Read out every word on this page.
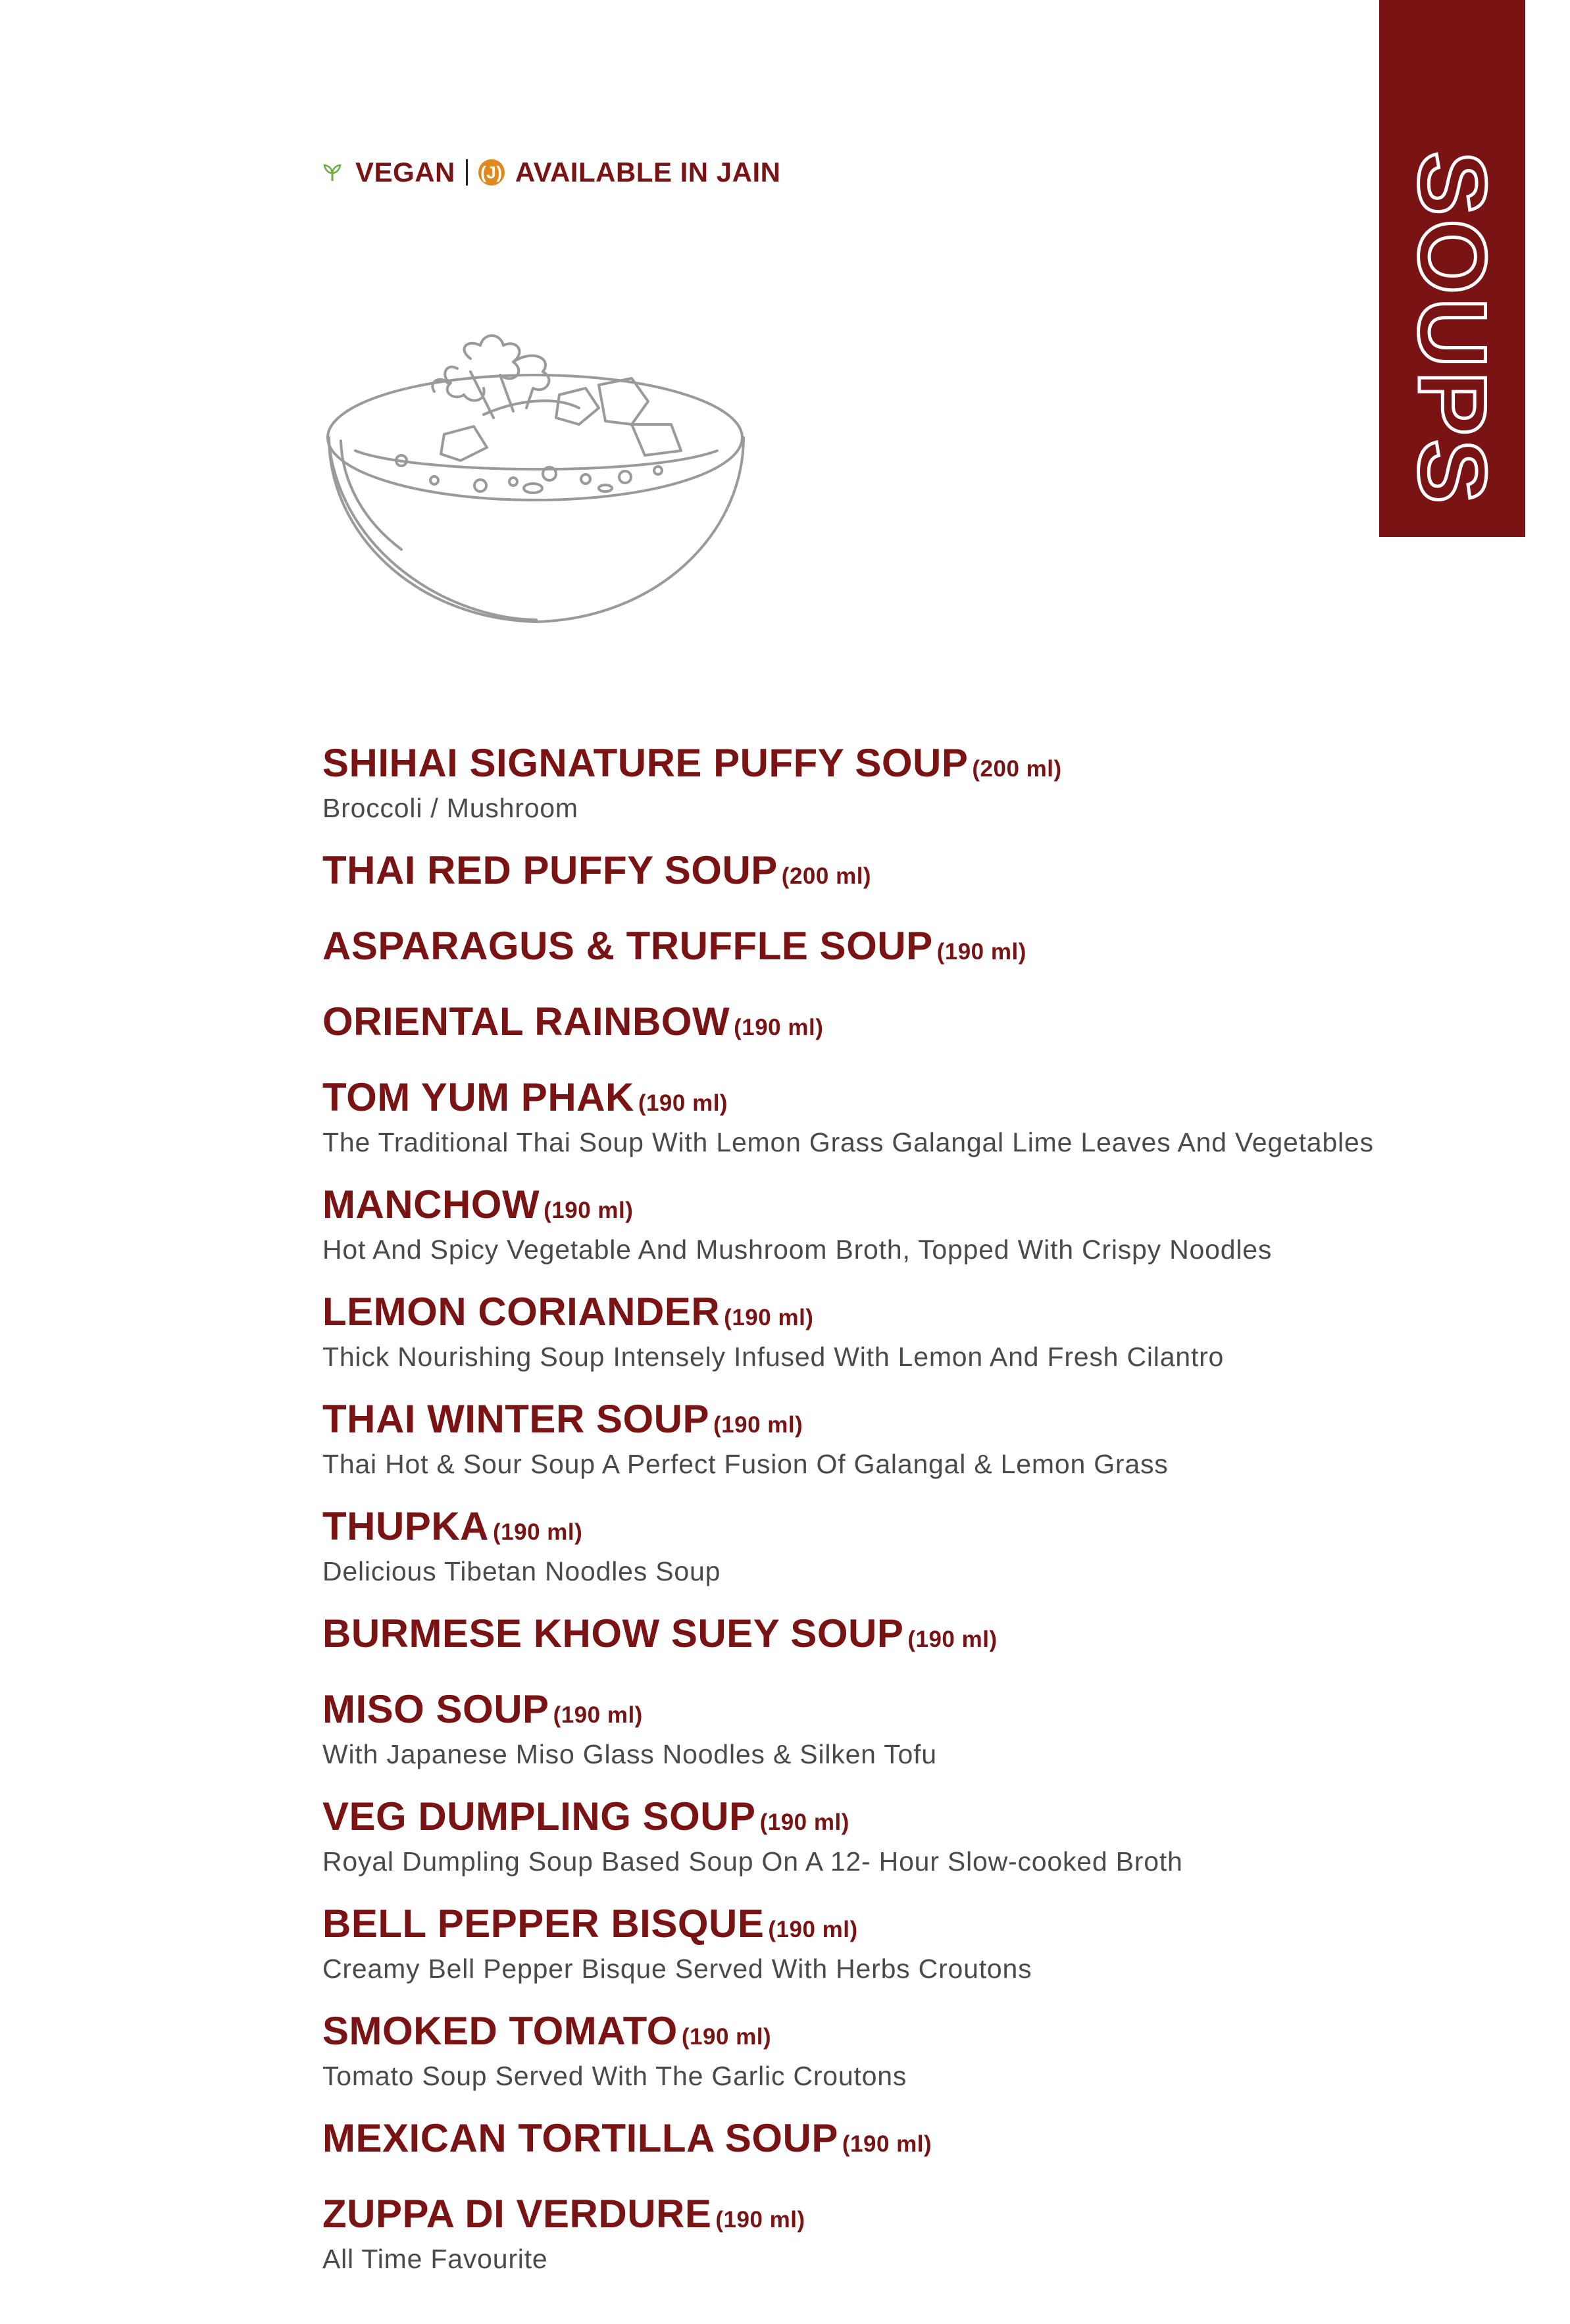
VEGAN (J) AVAILABLE IN JAIN	SOUPS
SHIHAI SIGNATURE PUFFY SOUP (200 ml)
Broccoli / Mushroom
THAI RED PUFFY SOUP (200 ml)
ASPARAGUS & TRUFFLE SOUP (190 ml)
ORIENTAL RAINBOW (190 ml)
TOM YUM PHAK (190 ml)
The Traditional Thai Soup With Lemon Grass Galangal Lime Leaves And Vegetables
MANCHOW (190 ml)
Hot And Spicy Vegetable And Mushroom Broth, Topped With Crispy Noodles
LEMON CORIANDER (190 ml)
Thick Nourishing Soup Intensely Infused With Lemon And Fresh Cilantro
THAI WINTER SOUP (190 ml)
Thai Hot & Sour Soup A Perfect Fusion Of Galangal & Lemon Grass
THUPKA (190 ml)
Delicious Tibetan Noodles Soup
BURMESE KHOW SUEY SOUP (190 ml)
MISO SOUP (190 ml)
With Japanese Miso Glass Noodles & Silken Tofu
VEG DUMPLING SOUP (190 ml)
Royal Dumpling Soup Based Soup On A 12- Hour Slow-cooked Broth
BELL PEPPER BISQUE (190 ml)
Creamy Bell Pepper Bisque Served With Herbs Croutons
SMOKED TOMATO (190 ml)
Tomato Soup Served With The Garlic Croutons
MEXICAN TORTILLA SOUP (190 ml)
ZUPPA DI VERDURE (190 ml)
All Time Favourite
